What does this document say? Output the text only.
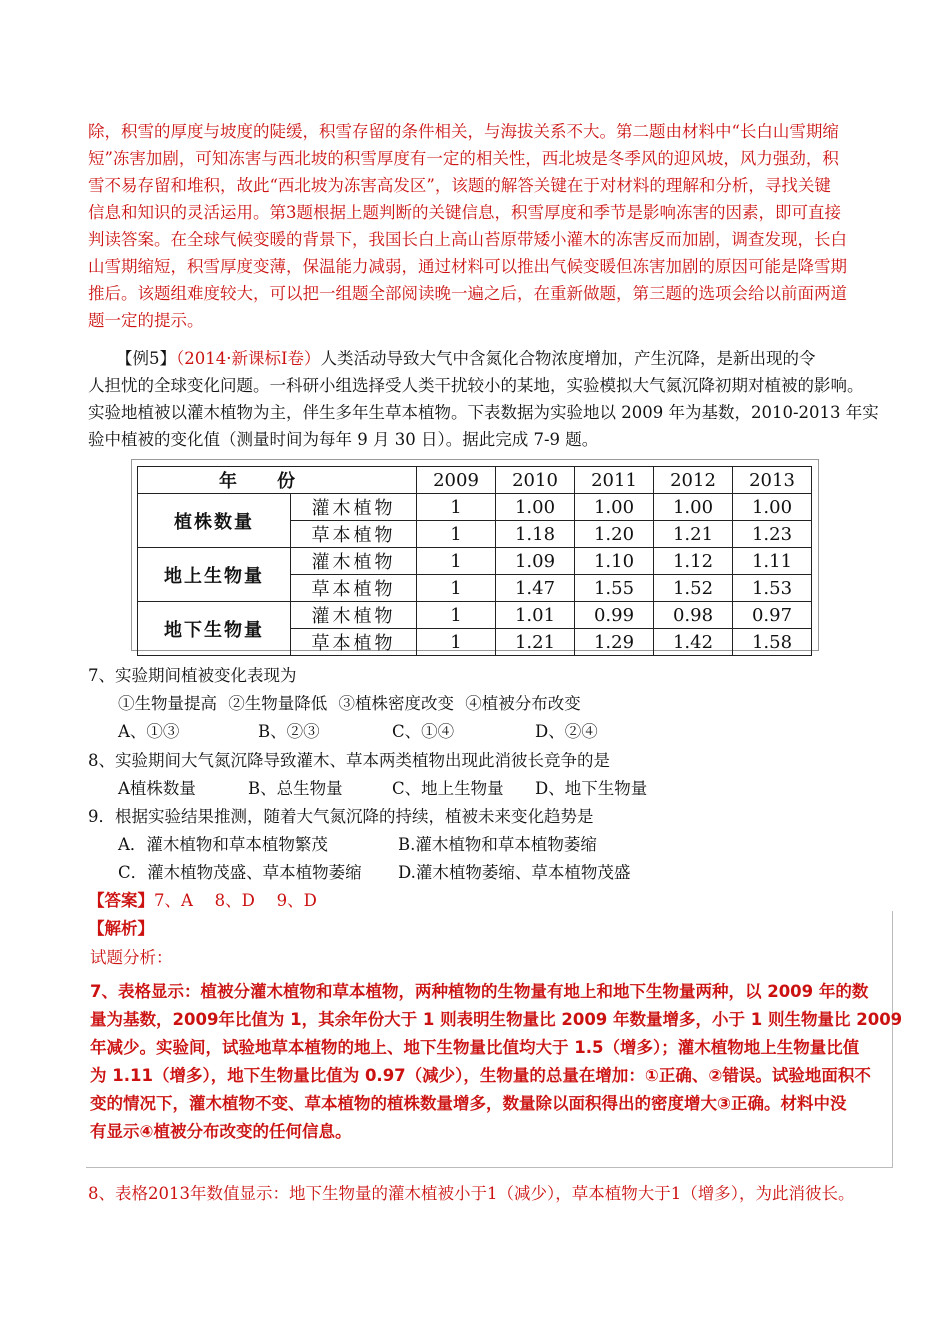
除，积雪的厚度与坡度的陡缓，积雪存留的条件相关，与海拔关系不大。第二题由材料中“长白山雪期缩
短”冻害加剧，可知冻害与西北坡的积雪厚度有一定的相关性，西北坡是冬季风的迎风坡，风力强劲，积
雪不易存留和堆积，故此“西北坡为冻害高发区”，该题的解答关键在于对材料的理解和分析，寻找关键
信息和知识的灵活运用。第3题根据上题判断的关键信息，积雪厚度和季节是影响冻害的因素，即可直接
判读答案。在全球气候变暖的背景下，我国长白上高山苔原带矮小灌木的冻害反而加剧，调查发现，长白
山雪期缩短，积雪厚度变薄，保温能力减弱，通过材料可以推出气候变暖但冻害加剧的原因可能是降雪期
推后。该题组难度较大，可以把一组题全部阅读晚一遍之后，在重新做题，第三题的选项会给以前面两道
题一定的提示。
【例5】（2014·新课标Ⅰ卷）人类活动导致大气中含氮化合物浓度增加，产生沉降，是新出现的令
人担忧的全球变化问题。一科研小组选择受人类干扰较小的某地，实验模拟大气氮沉降初期对植被的影响。
实验地植被以灌木植物为主，伴生多年生草本植物。下表数据为实验地以 2009 年为基数，2010-2013 年实
验中植被的变化值（测量时间为每年 9 月 30 日）。据此完成 7-9 题。
年份		2009	2010	2011	2012	2013
植株数量	灌木植物	1	1.00	1.00	1.00	1.00
	草本植物	1	1.18	1.20	1.21	1.23
地上生物量	灌木植物	1	1.09	1.10	1.12	1.11
	草本植物	1	1.47	1.55	1.52	1.53
地下生物量	灌木植物	1	1.01	0.99	0.98	0.97
	草本植物	1	1.21	1.29	1.42	1.58
7、实验期间植被变化表现为
①生物量提高 ②生物量降低 ③植株密度改变 ④植被分布改变
A、①③	B、②③	C、①④	D、②④
8、实验期间大气氮沉降导致灌木、草本两类植物出现此消彼长竞争的是
A植株数量	B、总生物量	C、地上生物量 D、地下生物量
9．根据实验结果推测，随着大气氮沉降的持续，植被未来变化趋势是
A．灌木植物和草本植物繁茂	B.灌木植物和草本植物萎缩
C．灌木植物茂盛、草本植物萎缩 D.灌木植物萎缩、草本植物茂盛
【答案】7、A　 8、D　 9、D
【解析】
试题分析：
7、表格显示：植被分灌木植物和草本植物，两种植物的生物量有地上和地下生物量两种，以 2009 年的数
量为基数，2009年比值为 1，其余年份大于 1 则表明生物量比 2009 年数量增多，小于 1 则生物量比 2009
年减少。实验间，试验地草本植物的地上、地下生物量比值均大于 1.5（增多）；灌木植物地上生物量比值
为 1.11（增多），地下生物量比值为 0.97（减少），生物量的总量在增加：①正确、②错误。试验地面积不
变的情况下，灌木植物不变、草本植物的植株数量增多，数量除以面积得出的密度增大③正确。材料中没
有显示④植被分布改变的任何信息。
8、表格2013年数值显示：地下生物量的灌木植被小于1（减少），草本植物大于1（增多），为此消彼长。
